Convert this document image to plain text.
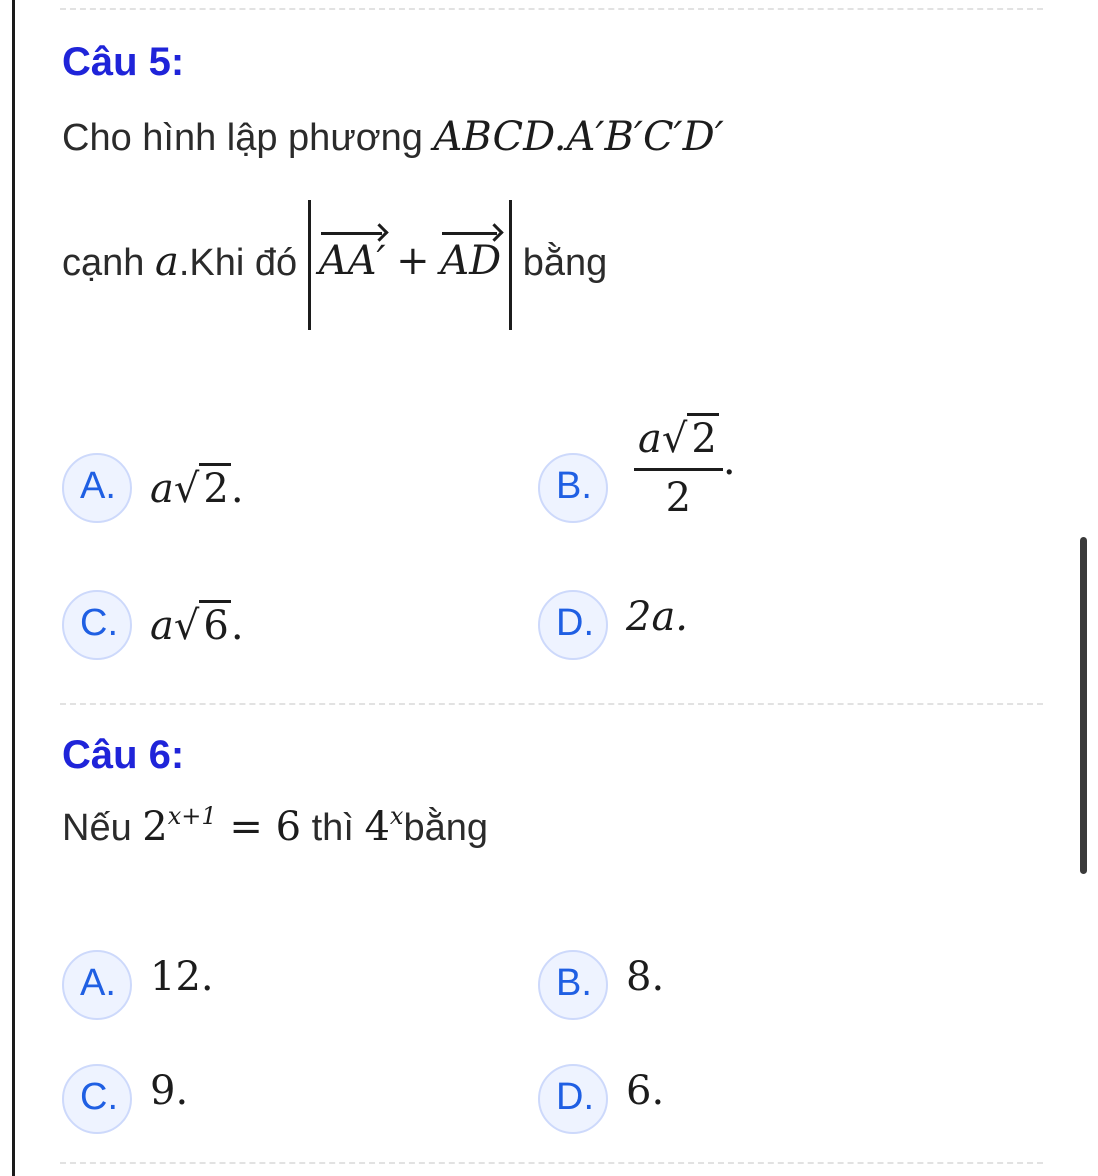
Câu 5:
Cho hình lập phương ABCD.A′B′C′D′
cạnh a.Khi đó AA′ + AD bằng
A. a√ 2.	B. $\frac{a√ 2}{2}$ .
C. a√ 6.	D. 2a.
Câu 6:
Nếu $2^{x+1} = 6$ thì 4$^x$bằng
A. 12.	B. 8.
C. 9.	D. 6.
